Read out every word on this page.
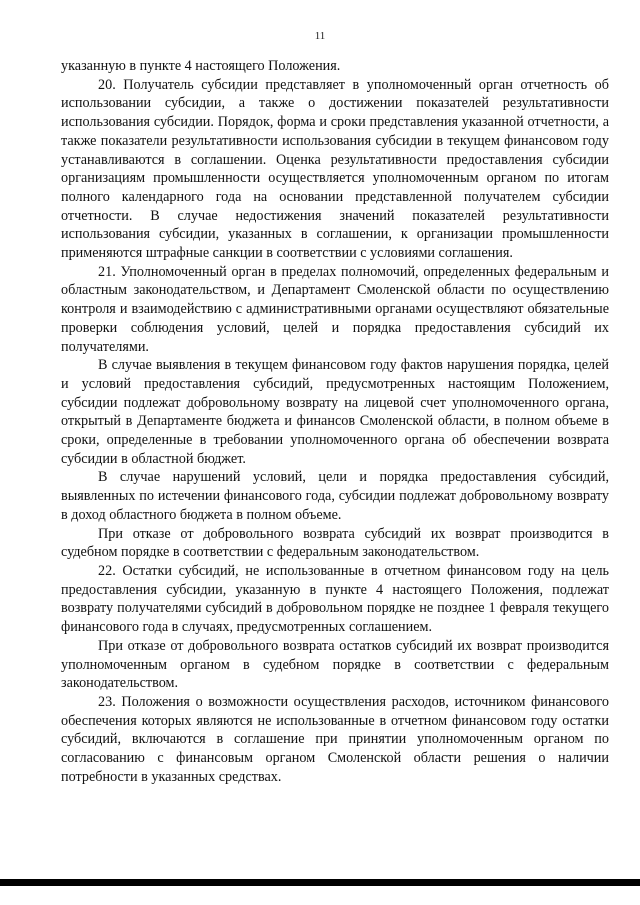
11

указанную в пункте 4 настоящего Положения.

20. Получатель субсидии представляет в уполномоченный орган отчетность об использовании субсидии, а также о достижении показателей результативности использования субсидии. Порядок, форма и сроки представления указанной отчетности, а также показатели результативности использования субсидии в текущем финансовом году устанавливаются в соглашении. Оценка результативности предоставления субсидии организациям промышленности осуществляется уполномоченным органом по итогам полного календарного года на основании представленной получателем субсидии отчетности. В случае недостижения значений показателей результативности использования субсидии, указанных в соглашении, к организации промышленности применяются штрафные санкции в соответствии с условиями соглашения.

21. Уполномоченный орган в пределах полномочий, определенных федеральным и областным законодательством, и Департамент Смоленской области по осуществлению контроля и взаимодействию с административными органами осуществляют обязательные проверки соблюдения условий, целей и порядка предоставления субсидий их получателями.

В случае выявления в текущем финансовом году фактов нарушения порядка, целей и условий предоставления субсидий, предусмотренных настоящим Положением, субсидии подлежат добровольному возврату на лицевой счет уполномоченного органа, открытый в Департаменте бюджета и финансов Смоленской области, в полном объеме в сроки, определенные в требовании уполномоченного органа об обеспечении возврата субсидии в областной бюджет.

В случае нарушений условий, цели и порядка предоставления субсидий, выявленных по истечении финансового года, субсидии подлежат добровольному возврату в доход областного бюджета в полном объеме.

При отказе от добровольного возврата субсидий их возврат производится в судебном порядке в соответствии с федеральным законодательством.

22. Остатки субсидий, не использованные в отчетном финансовом году на цель предоставления субсидии, указанную в пункте 4 настоящего Положения, подлежат возврату получателями субсидий в добровольном порядке не позднее 1 февраля текущего финансового года в случаях, предусмотренных соглашением.

При отказе от добровольного возврата остатков субсидий их возврат производится уполномоченным органом в судебном порядке в соответствии с федеральным законодательством.

23. Положения о возможности осуществления расходов, источником финансового обеспечения которых являются не использованные в отчетном финансовом году остатки субсидий, включаются в соглашение при принятии уполномоченным органом по согласованию с финансовым органом Смоленской области решения о наличии потребности в указанных средствах.
